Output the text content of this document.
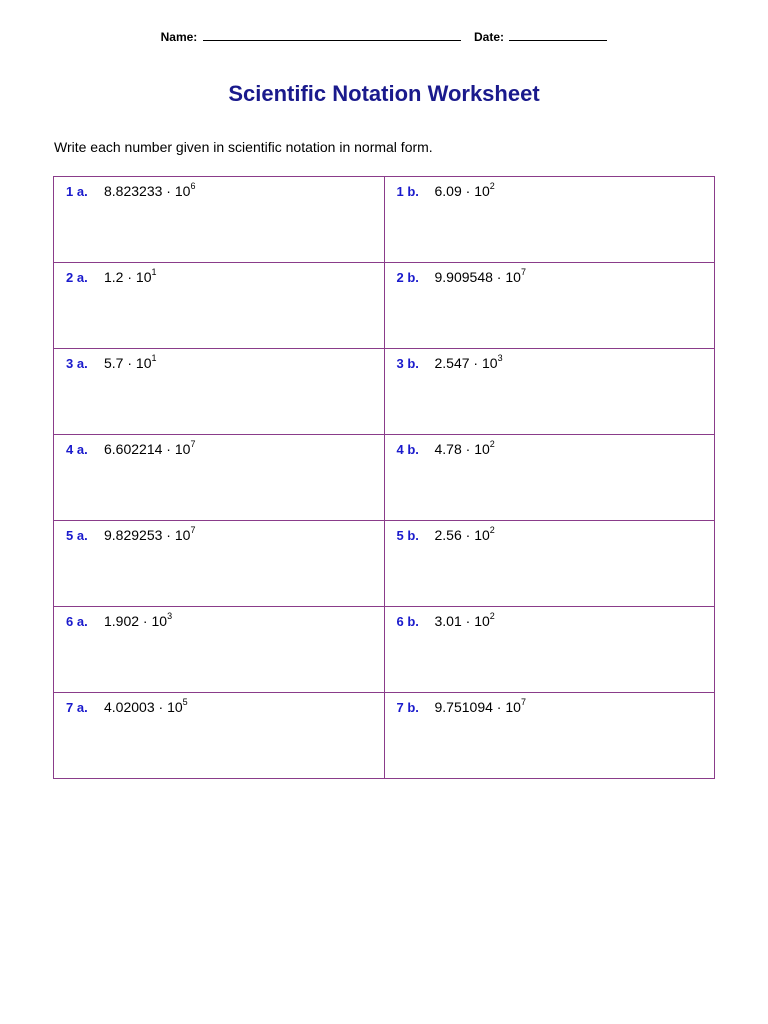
Name:	Date:
Scientific Notation Worksheet
Write each number given in scientific notation in normal form.
1 a. $8.823233 \cdot 10^6$	1 b. $6.09 \cdot 10^2$

2 a. $1.2 \cdot 10^1$	2 b. $9.909548 \cdot 10^7$

3 a. $5.7 \cdot 10^1$	3 b. $2.547 \cdot 10^3$

4 a. $6.602214 \cdot 10^7$	4 b. $4.78 \cdot 10^2$

5 a. $9.829253 \cdot 10^7$	5 b. $2.56 \cdot 10^2$

6 a. $1.902 \cdot 10^3$	6 b. $3.01 \cdot 10^2$

7 a. $4.02003 \cdot 10^5$	7 b. $9.751094 \cdot 10^7$
